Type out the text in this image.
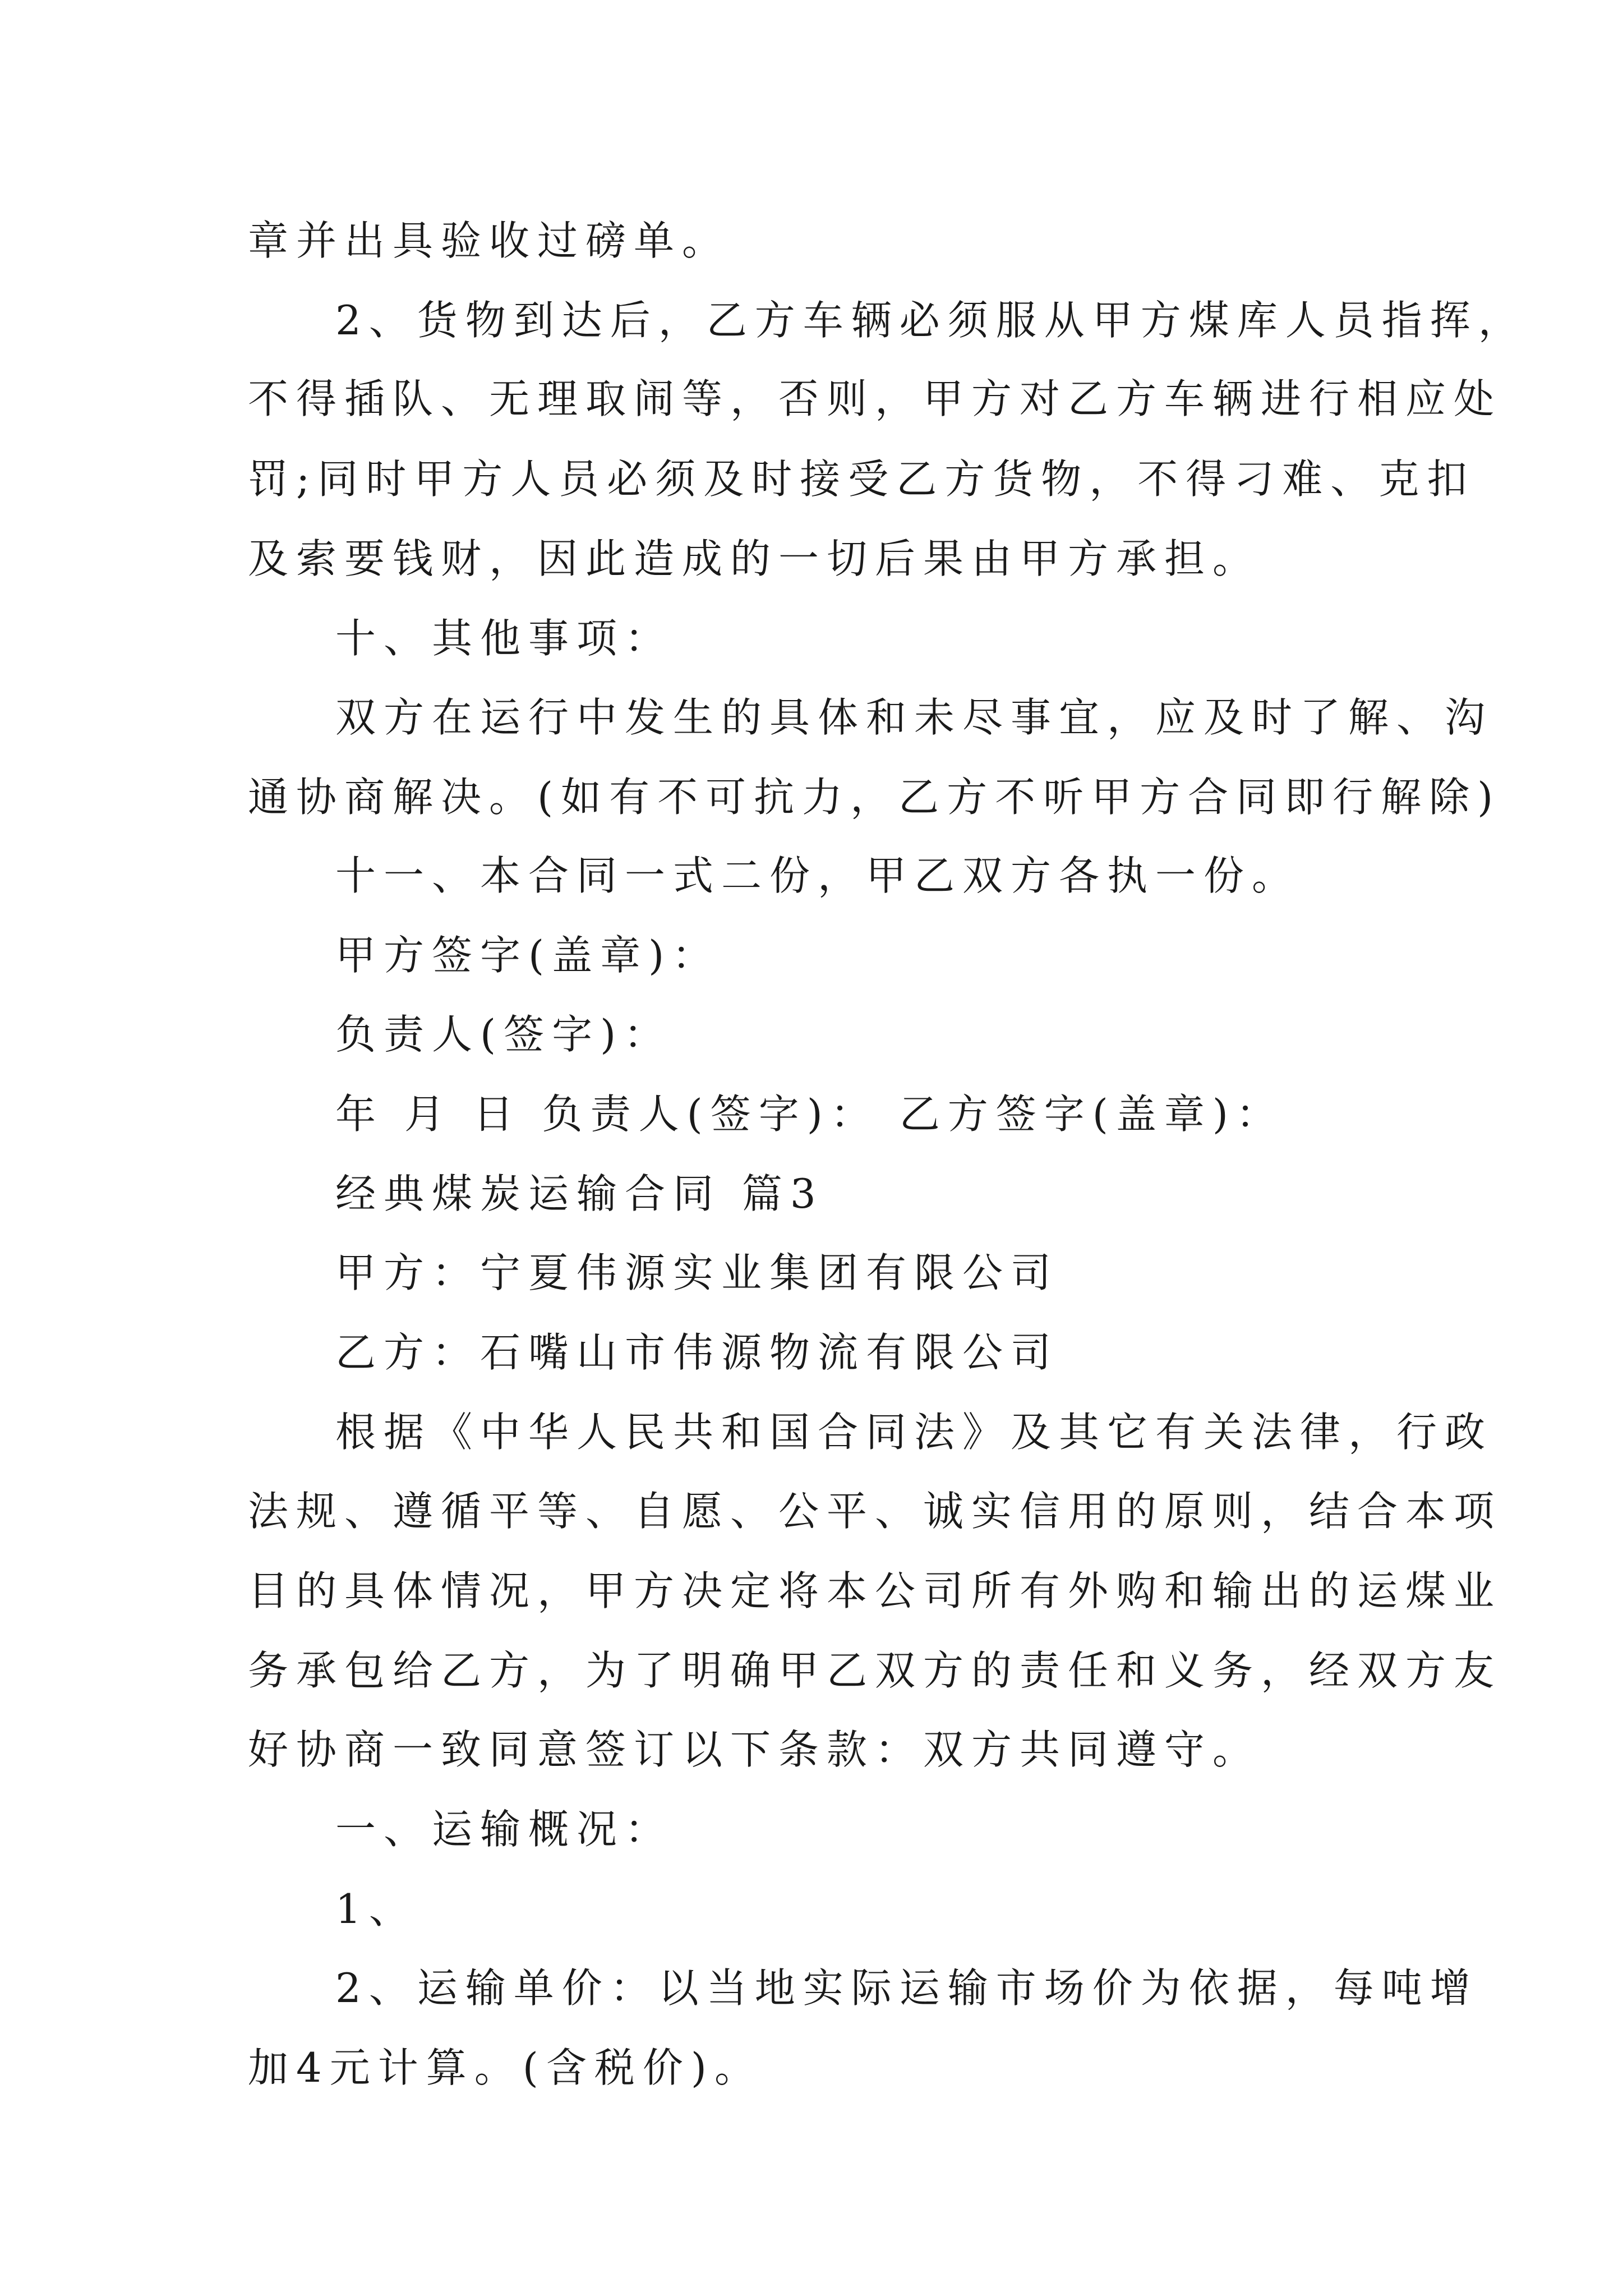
章并出具验收过磅单。

2、货物到达后，乙方车辆必须服从甲方煤库人员指挥，

不得插队、无理取闹等，否则，甲方对乙方车辆进行相应处

罚;同时甲方人员必须及时接受乙方货物，不得刁难、克扣

及索要钱财，因此造成的一切后果由甲方承担。

十、其他事项：

双方在运行中发生的具体和未尽事宜，应及时了解、沟

通协商解决。(如有不可抗力，乙方不听甲方合同即行解除)

十一、本合同一式二份，甲乙双方各执一份。

甲方签字(盖章)：

负责人(签字)：

年 月 日 负责人(签字)： 乙方签字(盖章)：

经典煤炭运输合同 篇3

甲方：宁夏伟源实业集团有限公司

乙方：石嘴山市伟源物流有限公司

根据《中华人民共和国合同法》及其它有关法律，行政

法规、遵循平等、自愿、公平、诚实信用的原则，结合本项

目的具体情况，甲方决定将本公司所有外购和输出的运煤业

务承包给乙方，为了明确甲乙双方的责任和义务，经双方友

好协商一致同意签订以下条款：双方共同遵守。

一、运输概况：

1、

2、运输单价：以当地实际运输市场价为依据，每吨增

加4元计算。(含税价)。
